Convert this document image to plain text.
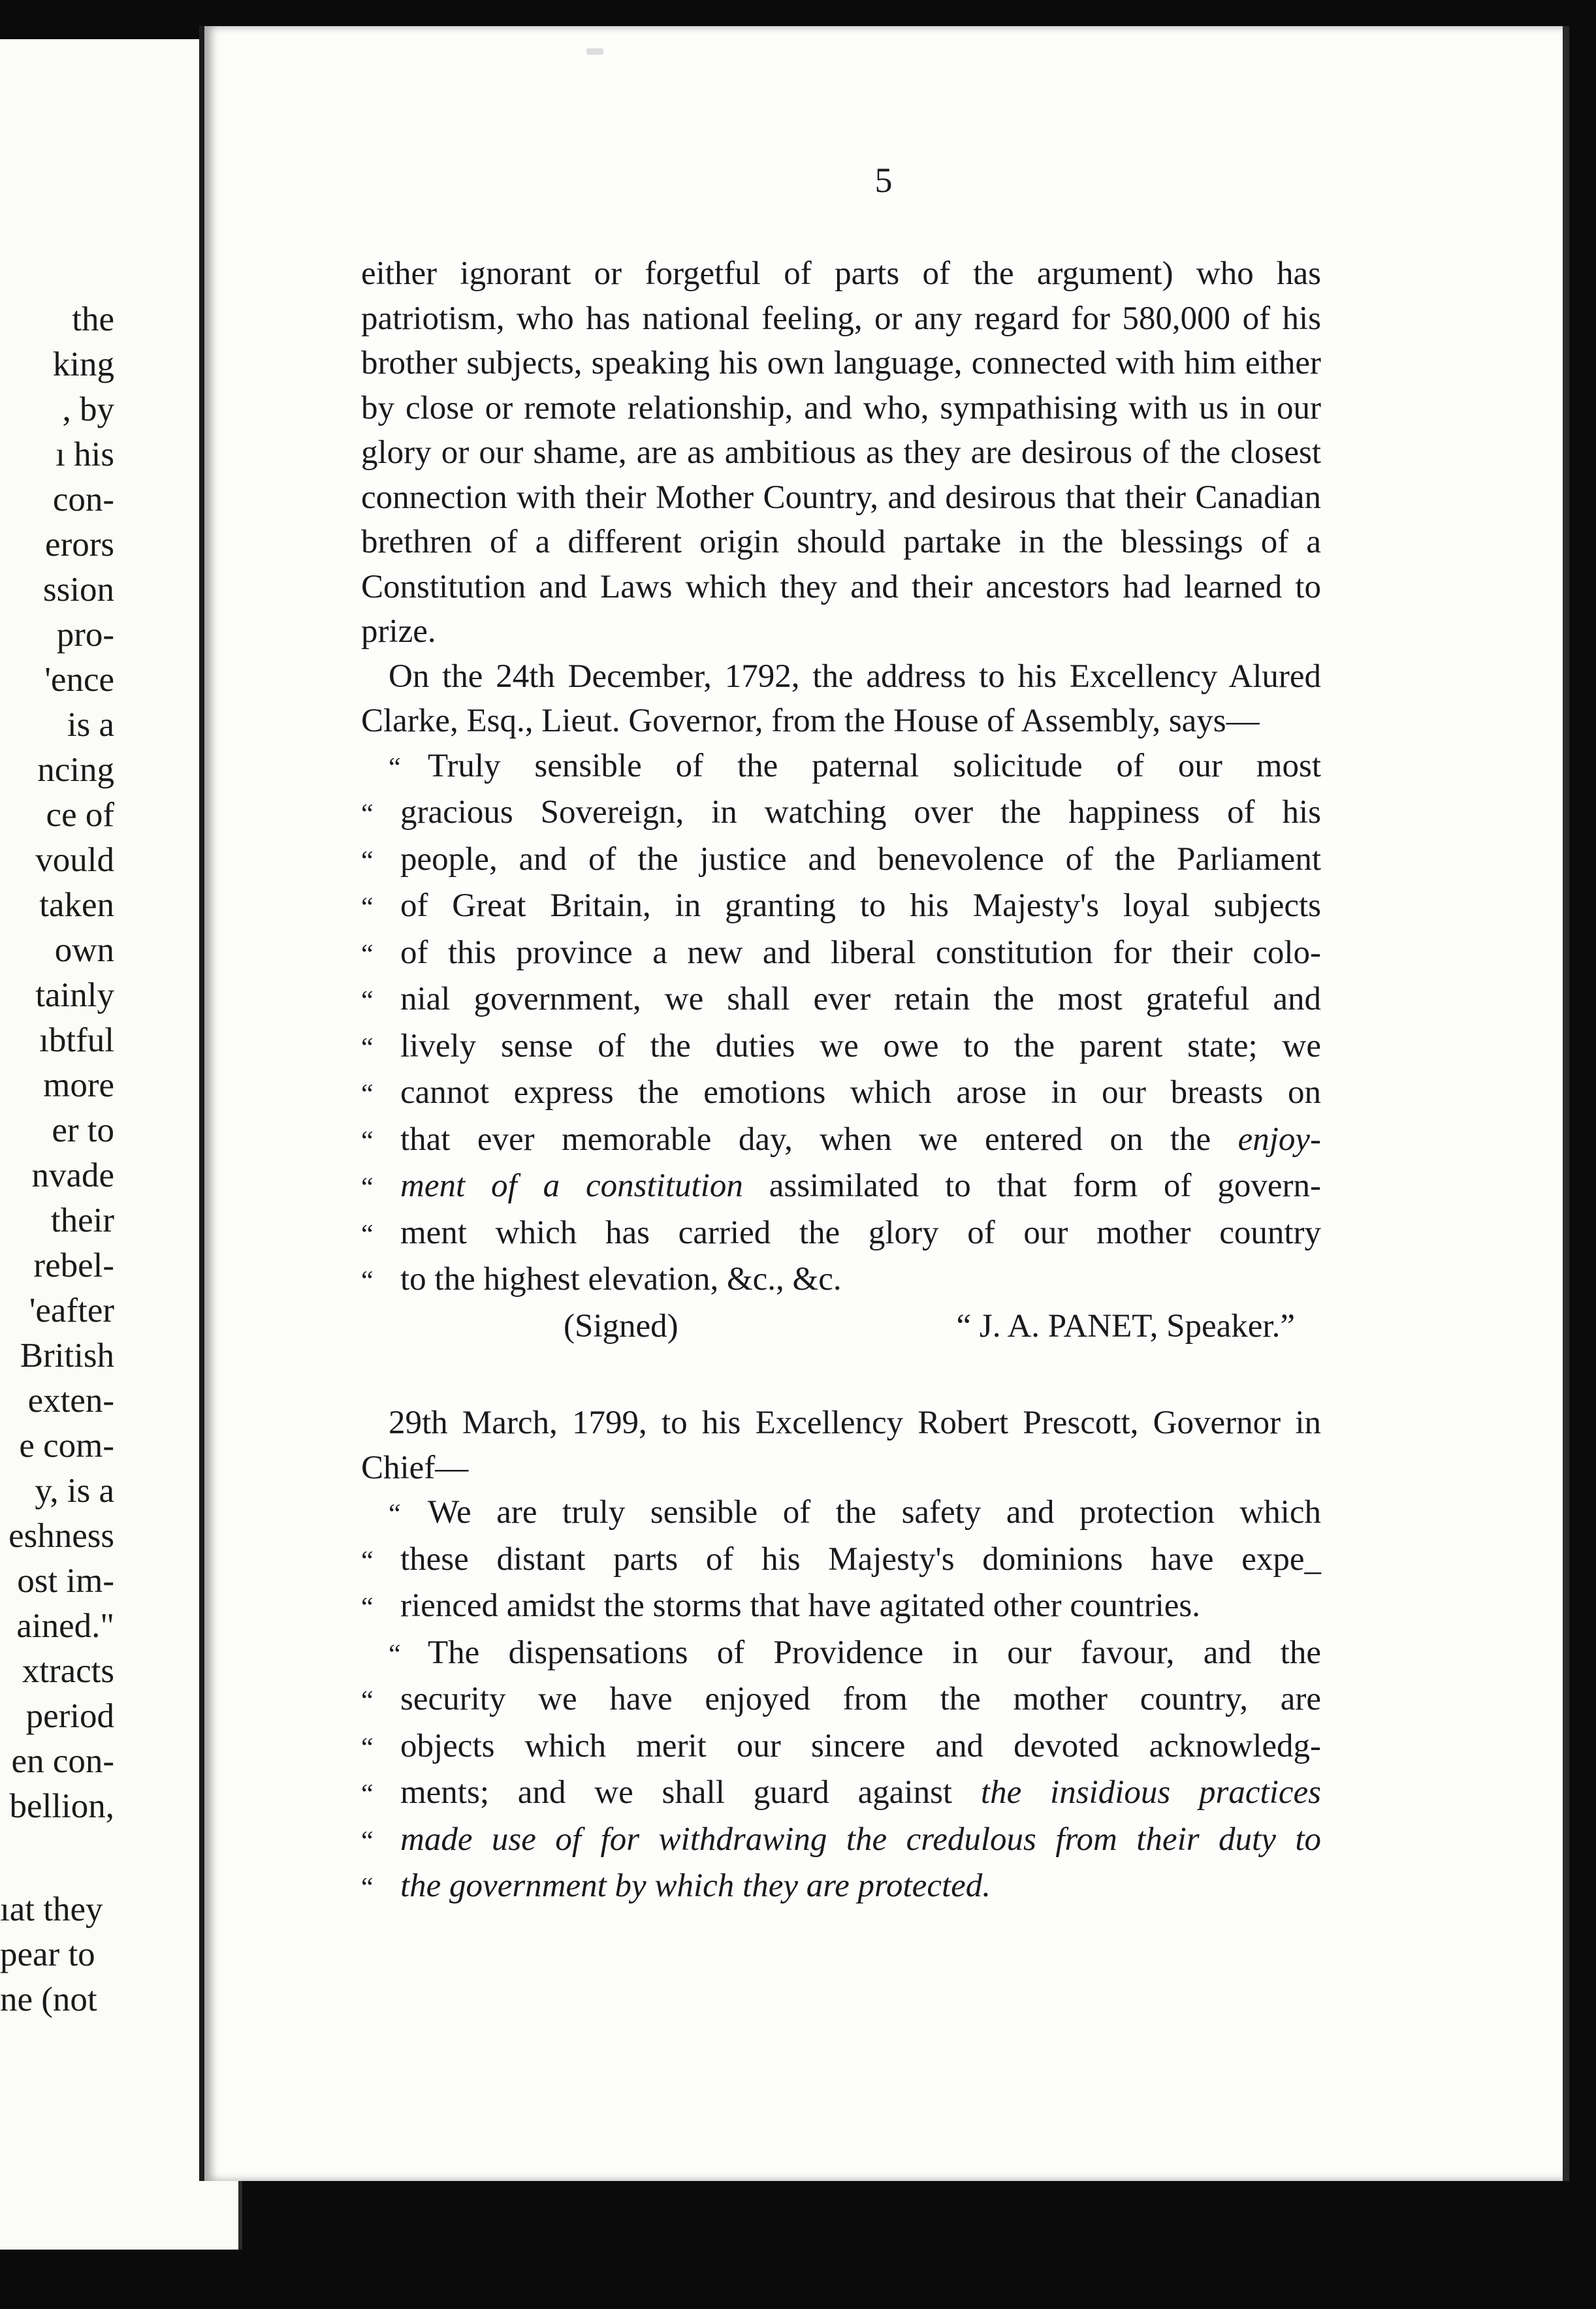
the
king
, by
ı his
con-
erors
ssion
pro-
'ence
is a
ncing
ce of
vould
taken
own
tainly
ıbtful
more
er to
nvade
their
rebel-
'eafter
British
exten-
e com-
y, is a
eshness
ost im-
ained."
xtracts
period
en con-
bellion,
ıat they
pear to
ne (not
5

either ignorant or forgetful of parts of the argument) who has patriotism, who has national feeling, or any regard for 580,000 of his brother subjects, speaking his own language, connected with him either by close or remote relationship, and who, sympathising with us in our glory or our shame, are as ambitious as they are desirous of the closest connection with their Mother Country, and desirous that their Canadian brethren of a different origin should partake in the blessings of a Constitution and Laws which they and their ancestors had learned to prize.

On the 24th December, 1792, the address to his Excellency Alured Clarke, Esq., Lieut. Governor, from the House of Assembly, says—

“ Truly sensible of the paternal solicitude of our most
“ gracious Sovereign, in watching over the happiness of his
“ people, and of the justice and benevolence of the Parliament
“ of Great Britain, in granting to his Majesty's loyal subjects
“ of this province a new and liberal constitution for their colo-
“ nial government, we shall ever retain the most grateful and
“ lively sense of the duties we owe to the parent state; we
“ cannot express the emotions which arose in our breasts on
“ that ever memorable day, when we entered on the enjoy-
“ ment of a constitution assimilated to that form of govern-
“ ment which has carried the glory of our mother country
“ to the highest elevation, &c., &c.
(Signed)	“ J. A. PANET, Speaker.”

29th March, 1799, to his Excellency Robert Prescott, Governor in Chief—

“ We are truly sensible of the safety and protection which
“ these distant parts of his Majesty's dominions have expe_
“ rienced amidst the storms that have agitated other countries.
“ The dispensations of Providence in our favour, and the
“ security we have enjoyed from the mother country, are
“ objects which merit our sincere and devoted acknowledg-
“ ments; and we shall guard against the insidious practices
“ made use of for withdrawing the credulous from their duty to
“ the government by which they are protected.
